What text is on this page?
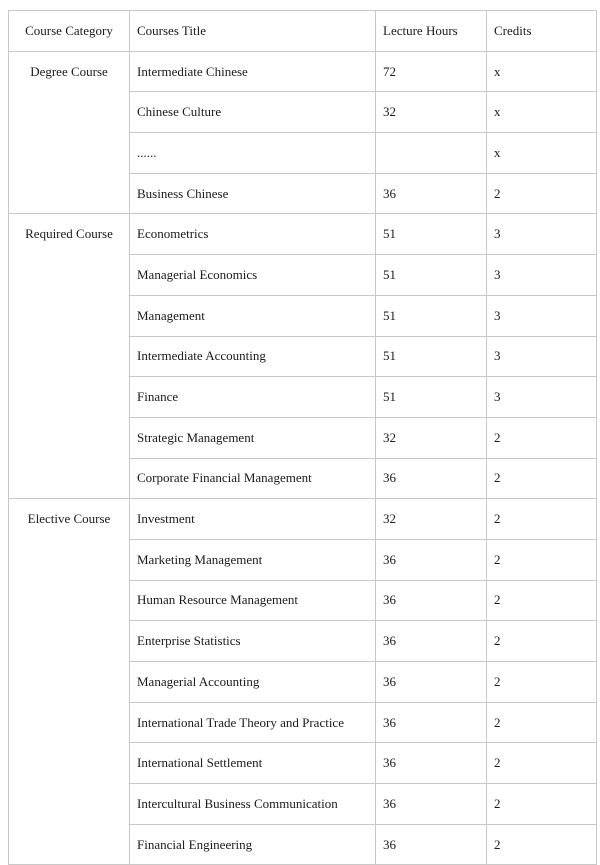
Course Category	Courses Title	Lecture Hours	Credits
Degree Course	Intermediate Chinese	72	x
	Chinese Culture	32	x
	......		x
	Business Chinese	36	2
Required Course	Econometrics	51	3
	Managerial Economics	51	3
	Management	51	3
	Intermediate Accounting	51	3
	Finance	51	3
	Strategic Management	32	2
	Corporate Financial Management	36	2
Elective Course	Investment	32	2
	Marketing Management	36	2
	Human Resource Management	36	2
	Enterprise Statistics	36	2
	Managerial Accounting	36	2
	International Trade Theory and Practice	36	2
	International Settlement	36	2
	Intercultural Business Communication	36	2
	Financial Engineering	36	2
